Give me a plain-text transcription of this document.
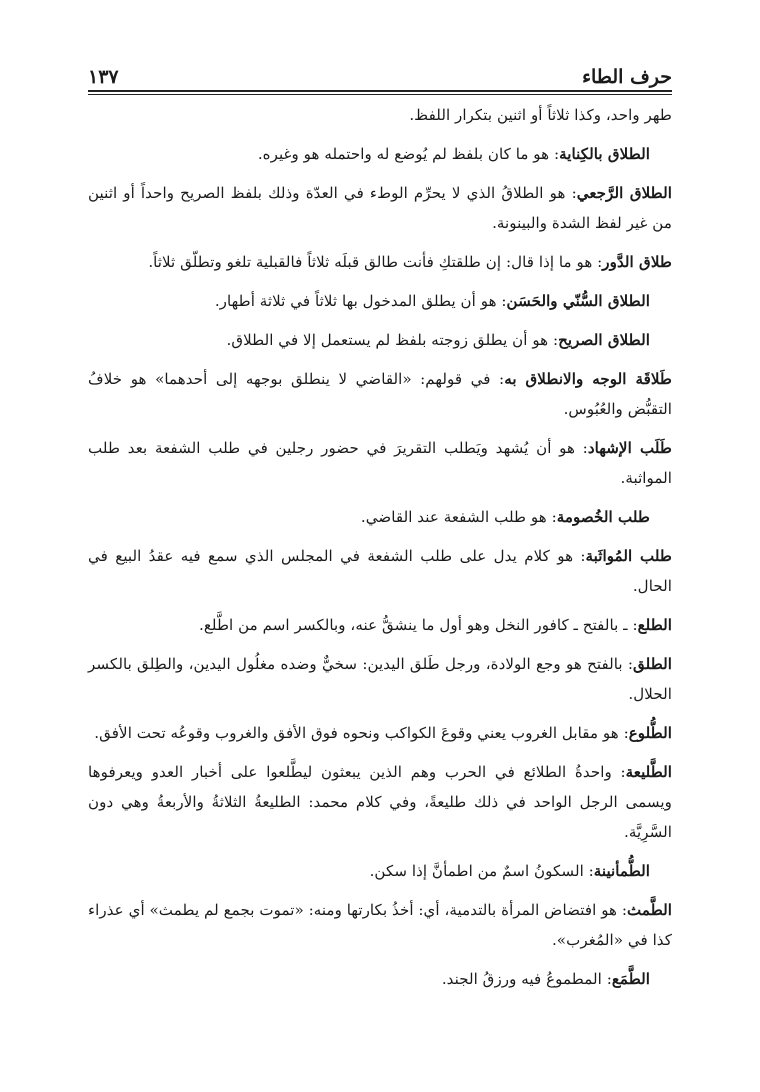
حرف الطاء
١٣٧

طهر واحد، وكذا ثلاثاً أو اثنين بتكرار اللفظ.

الطلاق بالكِناية: هو ما كان بلفظ لم يُوضع له واحتمله هو وغيره.

الطلاق الرَّجعي: هو الطلاقُ الذي لا يحرِّم الوطء في العدّة وذلك بلفظ الصريح واحداً أو اثنين من غير لفظ الشدة والبينونة.

طلاق الدَّور: هو ما إذا قال: إن طلقتكِ فأنت طالق قبلَه ثلاثاً فالقبلية تلغو وتطلّق ثلاثاً.

الطلاق السُّنّي والحَسَن: هو أن يطلق المدخول بها ثلاثاً في ثلاثة أطهار.

الطلاق الصريح: هو أن يطلق زوجته بلفظ لم يستعمل إلا في الطلاق.

طَلاقَة الوجه والانطلاق به: في قولهم: «القاضي لا ينطلق بوجهه إلى أحدهما» هو خلافُ التقبُّض والعُبُوس.

طَلَب الإشهاد: هو أن يُشهد ويَطلب التقريرَ في حضور رجلين في طلب الشفعة بعد طلب المواثبة.

طلب الخُصومة: هو طلب الشفعة عند القاضي.

طلب المُواثَبة: هو كلام يدل على طلب الشفعة في المجلس الذي سمع فيه عقدُ البيع في الحال.

الطلع: ـ بالفتح ـ كافور النخل وهو أول ما ينشقُّ عنه، وبالكسر اسم من اطَّلع.

الطلق: بالفتح هو وجع الولادة، ورجل طَلق اليدين: سخيٌّ وضده مغلُول اليدين، والطِلق بالكسر الحلال.

الطُّلوع: هو مقابل الغروب يعني وقوعَ الكواكب ونحوه فوق الأفق والغروب وقوعُه تحت الأفق.

الطَّليعة: واحدةُ الطلائع في الحرب وهم الذين يبعثون ليطَّلعوا على أخبار العدو ويعرفوها ويسمى الرجل الواحد في ذلك طليعةً، وفي كلام محمد: الطليعةُ الثلاثةُ والأربعةُ وهي دون السَّرِيَّة.

الطُّمأنينة: السكونُ اسمٌ من اطمأنَّ إذا سكن.

الطَّمث: هو افتضاض المرأة بالتدمية، أي: أخذُ بكارتها ومنه: «تموت بجمع لم يطمث» أي عذراء كذا في «المُغرب».

الطَّمَع: المطموعُ فيه ورزقُ الجند.
